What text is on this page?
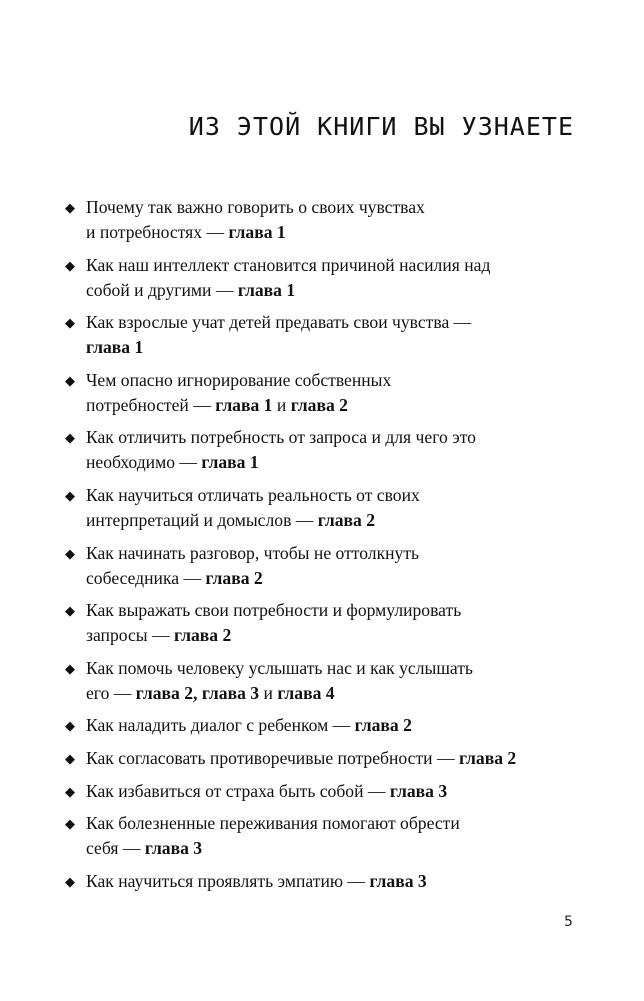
ИЗ ЭТОЙ КНИГИ ВЫ УЗНАЕТЕ
◆ Почему так важно говорить о своих чувствах
и потребностях — глава 1
◆ Как наш интеллект становится причиной насилия над
собой и другими — глава 1
◆ Как взрослые учат детей предавать свои чувства —
глава 1
◆ Чем опасно игнорирование собственных
потребностей — глава 1 и глава 2
◆ Как отличить потребность от запроса и для чего это
необходимо — глава 1
◆ Как научиться отличать реальность от своих
интерпретаций и домыслов — глава 2
◆ Как начинать разговор, чтобы не оттолкнуть
собеседника — глава 2
◆ Как выражать свои потребности и формулировать
запросы — глава 2
◆ Как помочь человеку услышать нас и как услышать
его — глава 2, глава 3 и глава 4
◆ Как наладить диалог с ребенком — глава 2
◆ Как согласовать противоречивые потребности — глава 2
◆ Как избавиться от страха быть собой — глава 3
◆ Как болезненные переживания помогают обрести
себя — глава 3
◆ Как научиться проявлять эмпатию — глава 3
5
